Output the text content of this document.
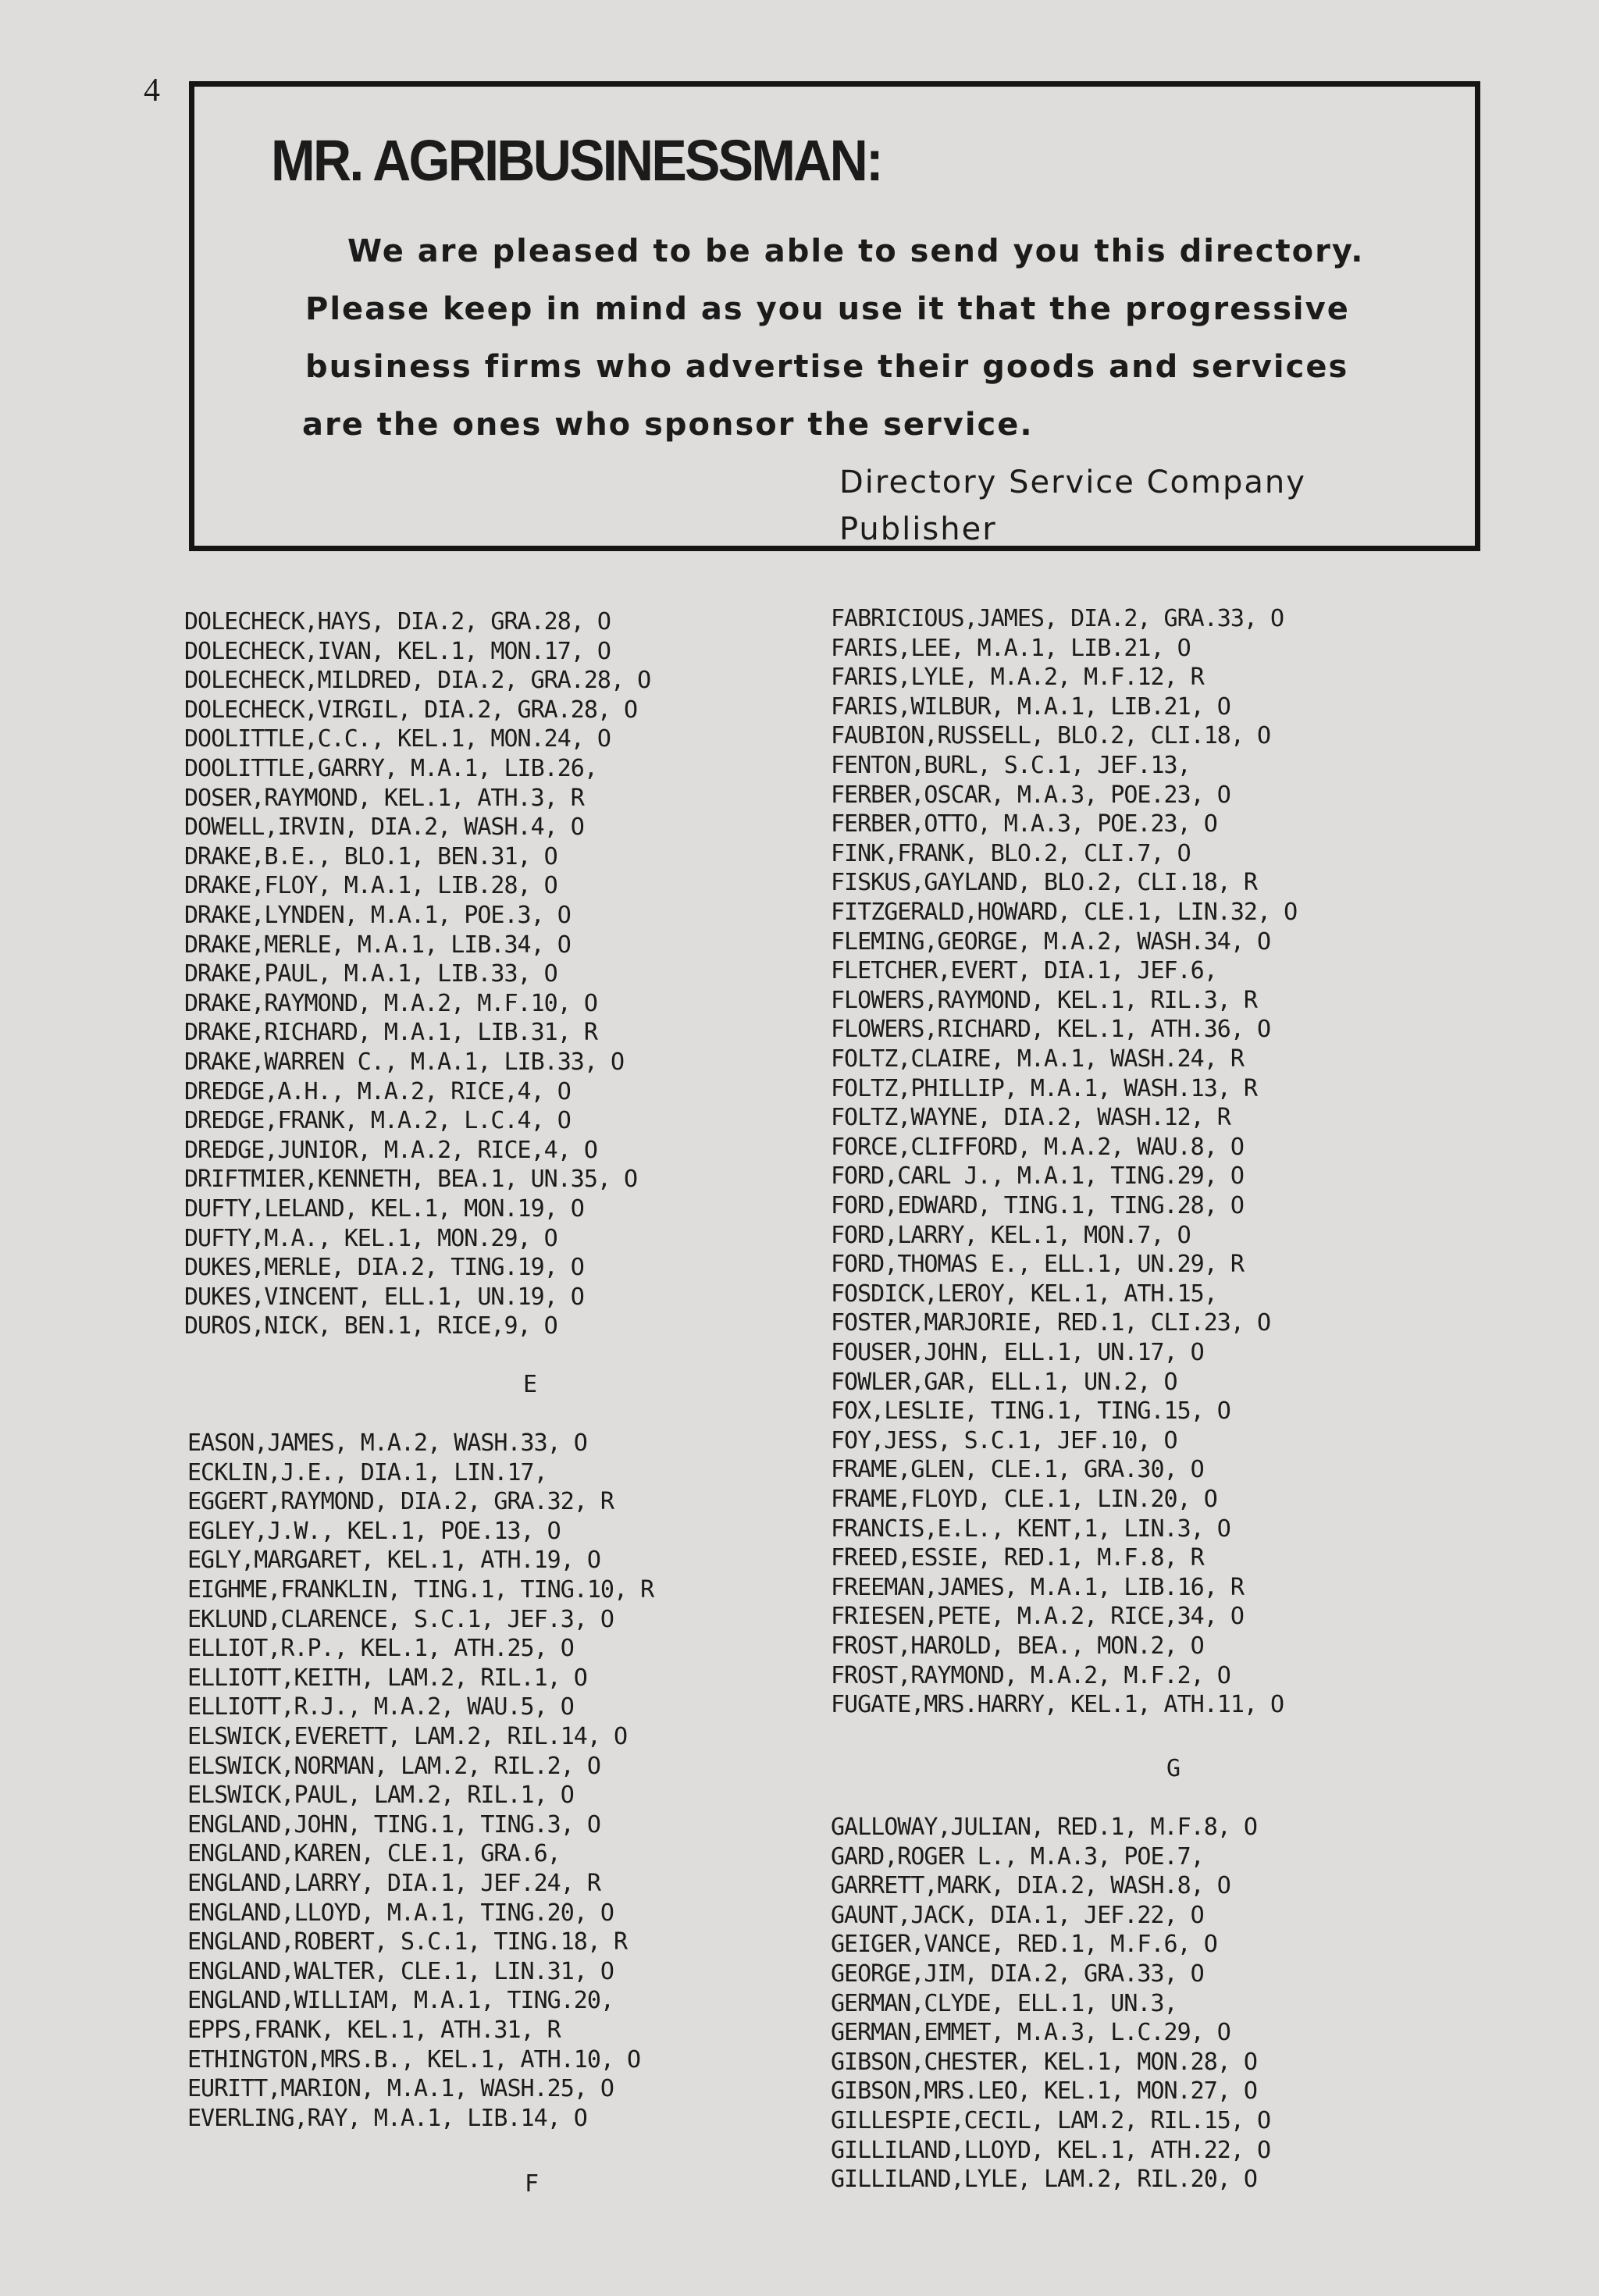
4
MR. AGRIBUSINESSMAN:
We are pleased to be able to send you this directory.
Please keep in mind as you use it that the progressive
business firms who advertise their goods and services
are the ones who sponsor the service.
Directory Service Company
Publisher
DOLECHECK,HAYS, DIA.2, GRA.28, O
DOLECHECK,IVAN, KEL.1, MON.17, O
DOLECHECK,MILDRED, DIA.2, GRA.28, O
DOLECHECK,VIRGIL, DIA.2, GRA.28, O
DOOLITTLE,C.C., KEL.1, MON.24, O
DOOLITTLE,GARRY, M.A.1, LIB.26,
DOSER,RAYMOND, KEL.1, ATH.3, R
DOWELL,IRVIN, DIA.2, WASH.4, O
DRAKE,B.E., BLO.1, BEN.31, O
DRAKE,FLOY, M.A.1, LIB.28, O
DRAKE,LYNDEN, M.A.1, POE.3, O
DRAKE,MERLE, M.A.1, LIB.34, O
DRAKE,PAUL, M.A.1, LIB.33, O
DRAKE,RAYMOND, M.A.2, M.F.10, O
DRAKE,RICHARD, M.A.1, LIB.31, R
DRAKE,WARREN C., M.A.1, LIB.33, O
DREDGE,A.H., M.A.2, RICE,4, O
DREDGE,FRANK, M.A.2, L.C.4, O
DREDGE,JUNIOR, M.A.2, RICE,4, O
DRIFTMIER,KENNETH, BEA.1, UN.35, O
DUFTY,LELAND, KEL.1, MON.19, O
DUFTY,M.A., KEL.1, MON.29, O
DUKES,MERLE, DIA.2, TING.19, O
DUKES,VINCENT, ELL.1, UN.19, O
DUROS,NICK, BEN.1, RICE,9, O
E
EASON,JAMES, M.A.2, WASH.33, O
ECKLIN,J.E., DIA.1, LIN.17,
EGGERT,RAYMOND, DIA.2, GRA.32, R
EGLEY,J.W., KEL.1, POE.13, O
EGLY,MARGARET, KEL.1, ATH.19, O
EIGHME,FRANKLIN, TING.1, TING.10, R
EKLUND,CLARENCE, S.C.1, JEF.3, O
ELLIOT,R.P., KEL.1, ATH.25, O
ELLIOTT,KEITH, LAM.2, RIL.1, O
ELLIOTT,R.J., M.A.2, WAU.5, O
ELSWICK,EVERETT, LAM.2, RIL.14, O
ELSWICK,NORMAN, LAM.2, RIL.2, O
ELSWICK,PAUL, LAM.2, RIL.1, O
ENGLAND,JOHN, TING.1, TING.3, O
ENGLAND,KAREN, CLE.1, GRA.6,
ENGLAND,LARRY, DIA.1, JEF.24, R
ENGLAND,LLOYD, M.A.1, TING.20, O
ENGLAND,ROBERT, S.C.1, TING.18, R
ENGLAND,WALTER, CLE.1, LIN.31, O
ENGLAND,WILLIAM, M.A.1, TING.20,
EPPS,FRANK, KEL.1, ATH.31, R
ETHINGTON,MRS.B., KEL.1, ATH.10, O
EURITT,MARION, M.A.1, WASH.25, O
EVERLING,RAY, M.A.1, LIB.14, O
F
FABRICIOUS,JAMES, DIA.2, GRA.33, O
FARIS,LEE, M.A.1, LIB.21, O
FARIS,LYLE, M.A.2, M.F.12, R
FARIS,WILBUR, M.A.1, LIB.21, O
FAUBION,RUSSELL, BLO.2, CLI.18, O
FENTON,BURL, S.C.1, JEF.13,
FERBER,OSCAR, M.A.3, POE.23, O
FERBER,OTTO, M.A.3, POE.23, O
FINK,FRANK, BLO.2, CLI.7, O
FISKUS,GAYLAND, BLO.2, CLI.18, R
FITZGERALD,HOWARD, CLE.1, LIN.32, O
FLEMING,GEORGE, M.A.2, WASH.34, O
FLETCHER,EVERT, DIA.1, JEF.6,
FLOWERS,RAYMOND, KEL.1, RIL.3, R
FLOWERS,RICHARD, KEL.1, ATH.36, O
FOLTZ,CLAIRE, M.A.1, WASH.24, R
FOLTZ,PHILLIP, M.A.1, WASH.13, R
FOLTZ,WAYNE, DIA.2, WASH.12, R
FORCE,CLIFFORD, M.A.2, WAU.8, O
FORD,CARL J., M.A.1, TING.29, O
FORD,EDWARD, TING.1, TING.28, O
FORD,LARRY, KEL.1, MON.7, O
FORD,THOMAS E., ELL.1, UN.29, R
FOSDICK,LEROY, KEL.1, ATH.15,
FOSTER,MARJORIE, RED.1, CLI.23, O
FOUSER,JOHN, ELL.1, UN.17, O
FOWLER,GAR, ELL.1, UN.2, O
FOX,LESLIE, TING.1, TING.15, O
FOY,JESS, S.C.1, JEF.10, O
FRAME,GLEN, CLE.1, GRA.30, O
FRAME,FLOYD, CLE.1, LIN.20, O
FRANCIS,E.L., KENT,1, LIN.3, O
FREED,ESSIE, RED.1, M.F.8, R
FREEMAN,JAMES, M.A.1, LIB.16, R
FRIESEN,PETE, M.A.2, RICE,34, O
FROST,HAROLD, BEA., MON.2, O
FROST,RAYMOND, M.A.2, M.F.2, O
FUGATE,MRS.HARRY, KEL.1, ATH.11, O
G
GALLOWAY,JULIAN, RED.1, M.F.8, O
GARD,ROGER L., M.A.3, POE.7,
GARRETT,MARK, DIA.2, WASH.8, O
GAUNT,JACK, DIA.1, JEF.22, O
GEIGER,VANCE, RED.1, M.F.6, O
GEORGE,JIM, DIA.2, GRA.33, O
GERMAN,CLYDE, ELL.1, UN.3,
GERMAN,EMMET, M.A.3, L.C.29, O
GIBSON,CHESTER, KEL.1, MON.28, O
GIBSON,MRS.LEO, KEL.1, MON.27, O
GILLESPIE,CECIL, LAM.2, RIL.15, O
GILLILAND,LLOYD, KEL.1, ATH.22, O
GILLILAND,LYLE, LAM.2, RIL.20, O
